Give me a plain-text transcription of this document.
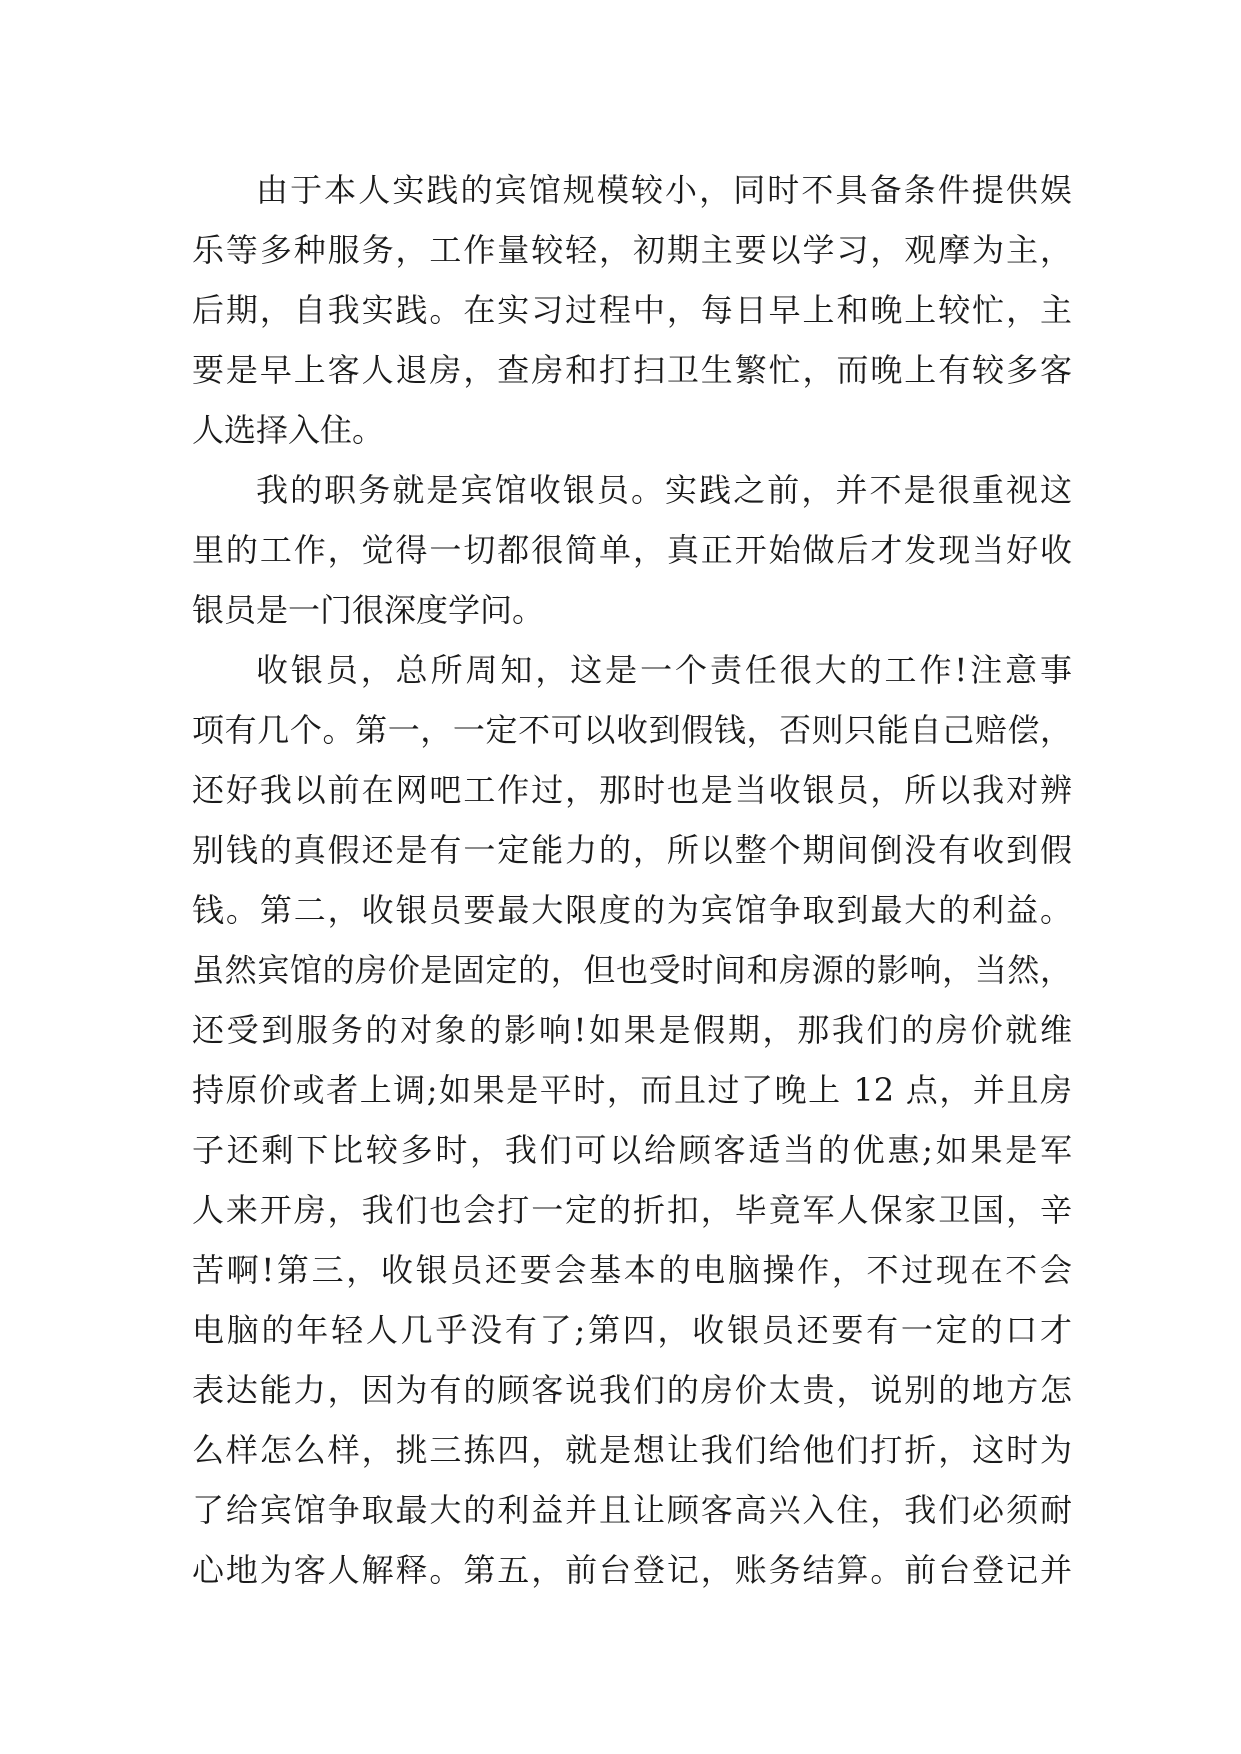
由于本人实践的宾馆规模较小，同时不具备条件提供娱
乐等多种服务，工作量较轻，初期主要以学习，观摩为主，
后期，自我实践。在实习过程中，每日早上和晚上较忙，主
要是早上客人退房，查房和打扫卫生繁忙，而晚上有较多客
人选择入住。
我的职务就是宾馆收银员。实践之前，并不是很重视这
里的工作，觉得一切都很简单，真正开始做后才发现当好收
银员是一门很深度学问。
收银员，总所周知，这是一个责任很大的工作!注意事
项有几个。第一，一定不可以收到假钱，否则只能自己赔偿，
还好我以前在网吧工作过，那时也是当收银员，所以我对辨
别钱的真假还是有一定能力的，所以整个期间倒没有收到假
钱。第二，收银员要最大限度的为宾馆争取到最大的利益。
虽然宾馆的房价是固定的，但也受时间和房源的影响，当然，
还受到服务的对象的影响!如果是假期，那我们的房价就维
持原价或者上调;如果是平时，而且过了晚上 12 点，并且房
子还剩下比较多时，我们可以给顾客适当的优惠;如果是军
人来开房，我们也会打一定的折扣，毕竟军人保家卫国，辛
苦啊!第三，收银员还要会基本的电脑操作，不过现在不会
电脑的年轻人几乎没有了;第四，收银员还要有一定的口才
表达能力，因为有的顾客说我们的房价太贵，说别的地方怎
么样怎么样，挑三拣四，就是想让我们给他们打折，这时为
了给宾馆争取最大的利益并且让顾客高兴入住，我们必须耐
心地为客人解释。第五，前台登记，账务结算。前台登记并
